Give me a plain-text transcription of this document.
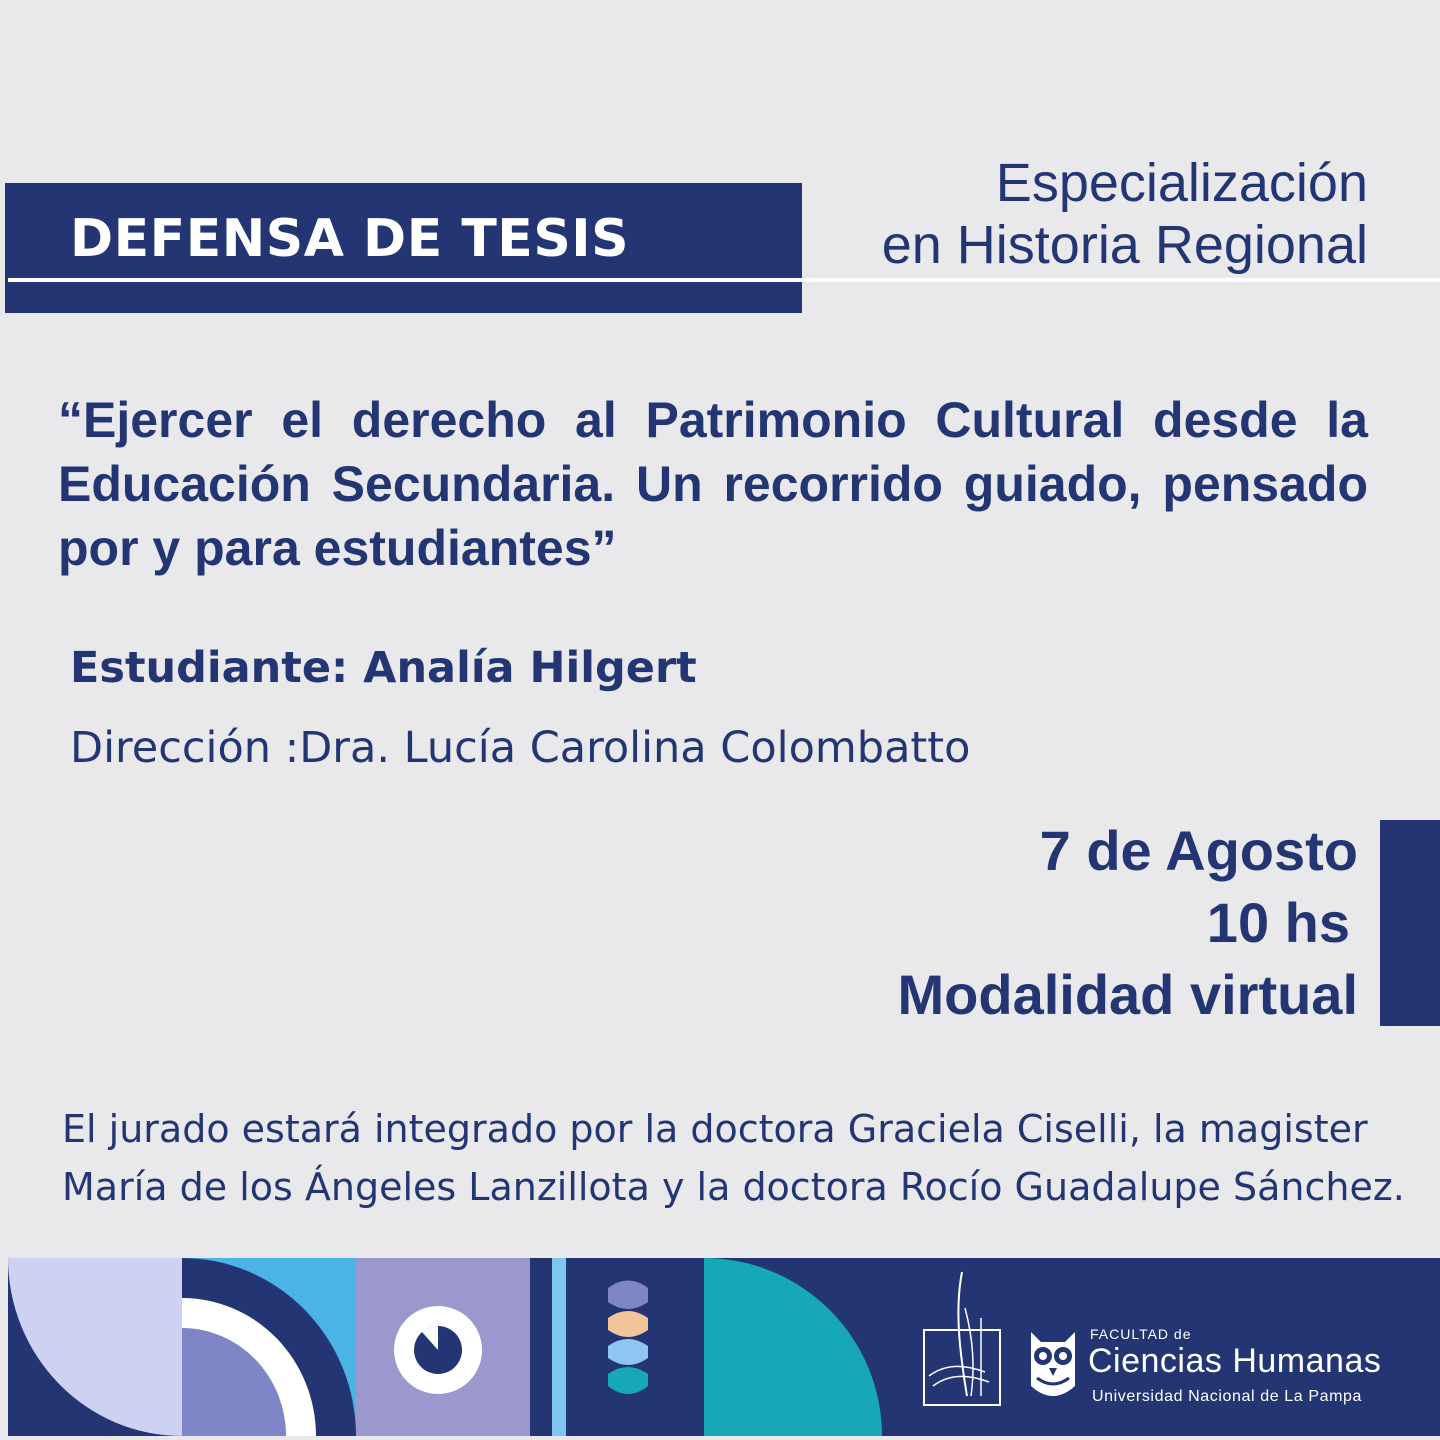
DEFENSA DE TESIS
Especialización
en Historia Regional
“Ejercer el derecho al Patrimonio Cultural desde la Educación Secundaria. Un recorrido guiado, pensado por y para estudiantes”
Estudiante: Analía Hilgert
Dirección :Dra. Lucía Carolina Colombatto
7 de Agosto
10 hs
Modalidad virtual
El jurado estará integrado por la doctora Graciela Ciselli, la magister María de los Ángeles Lanzillota y la doctora Rocío Guadalupe Sánchez.
FACULTAD de
Ciencias Humanas
Universidad Nacional de La Pampa
